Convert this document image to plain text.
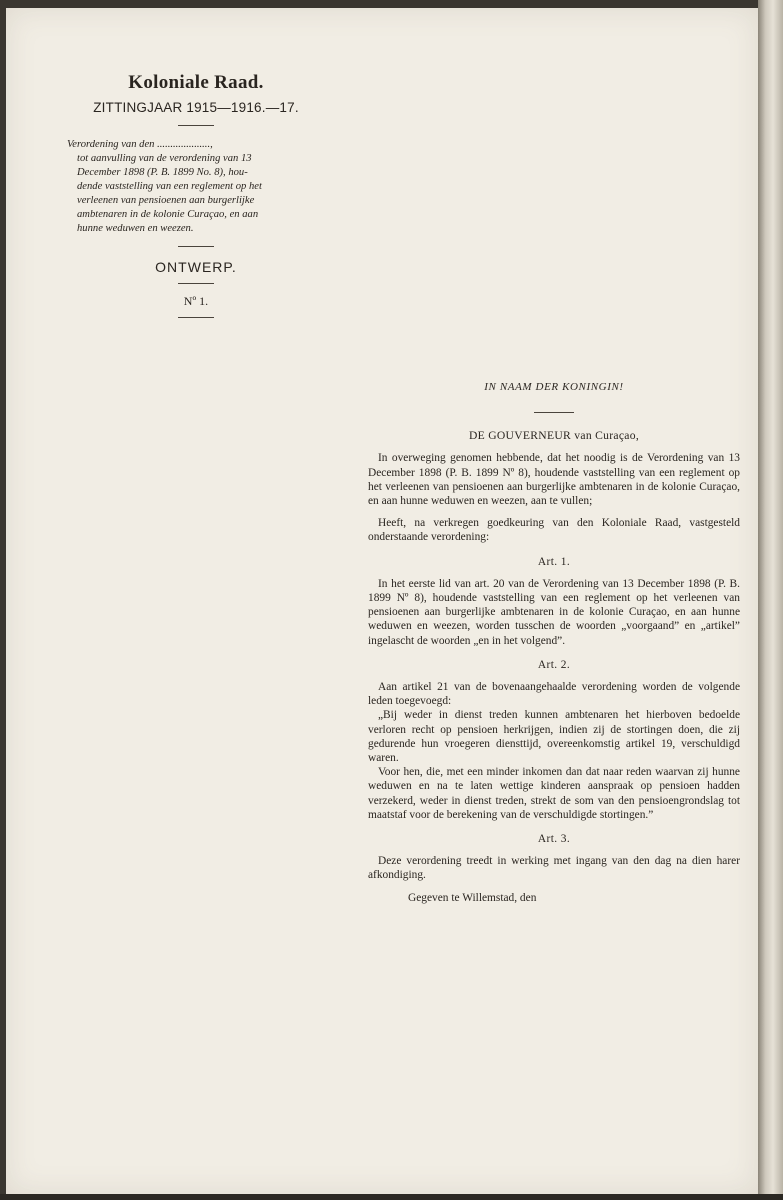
Koloniale Raad.
ZITTINGJAAR 1915—1916.—17.
Verordening van den ....................,
tot aanvulling van de verordening van 13
December 1898 (P. B. 1899 No. 8), hou-
dende vaststelling van een reglement op het
verleenen van pensioenen aan burgerlijke
ambtenaren in de kolonie Curaçao, en aan
hunne weduwen en weezen.
ONTWERP.
Nº 1.
IN NAAM DER KONINGIN!
DE GOUVERNEUR van Curaçao,

In overweging genomen hebbende, dat het noodig is de Verordening van 13 December 1898 (P. B. 1899 Nº 8), houdende vaststelling van een reglement op het verleenen van pensioenen aan burgerlijke ambtenaren in de kolonie Curaçao, en aan hunne weduwen en weezen, aan te vullen;

Heeft, na verkregen goedkeuring van den Koloniale Raad, vastgesteld onderstaande verordening:

Art. 1.

In het eerste lid van art. 20 van de Verordening van 13 December 1898 (P. B. 1899 Nº 8), houdende vaststelling van een reglement op het verleenen van pensioenen aan burgerlijke ambtenaren in de kolonie Curaçao, en aan hunne weduwen en weezen, worden tusschen de woorden „voorgaand” en „artikel” ingelascht de woorden „en in het volgend”.

Art. 2.

Aan artikel 21 van de bovenaangehaalde verordening worden de volgende leden toegevoegd:

„Bij weder in dienst treden kunnen ambtenaren het hierboven bedoelde verloren recht op pensioen herkrijgen, indien zij de stortingen doen, die zij gedurende hun vroegeren diensttijd, overeenkomstig artikel 19, verschuldigd waren.

Voor hen, die, met een minder inkomen dan dat naar reden waarvan zij hunne weduwen en na te laten wettige kinderen aanspraak op pensioen hadden verzekerd, weder in dienst treden, strekt de som van den pensioengrondslag tot maatstaf voor de berekening van de verschuldigde stortingen.”

Art. 3.

Deze verordening treedt in werking met ingang van den dag na dien harer afkondiging.

Gegeven te Willemstad, den
